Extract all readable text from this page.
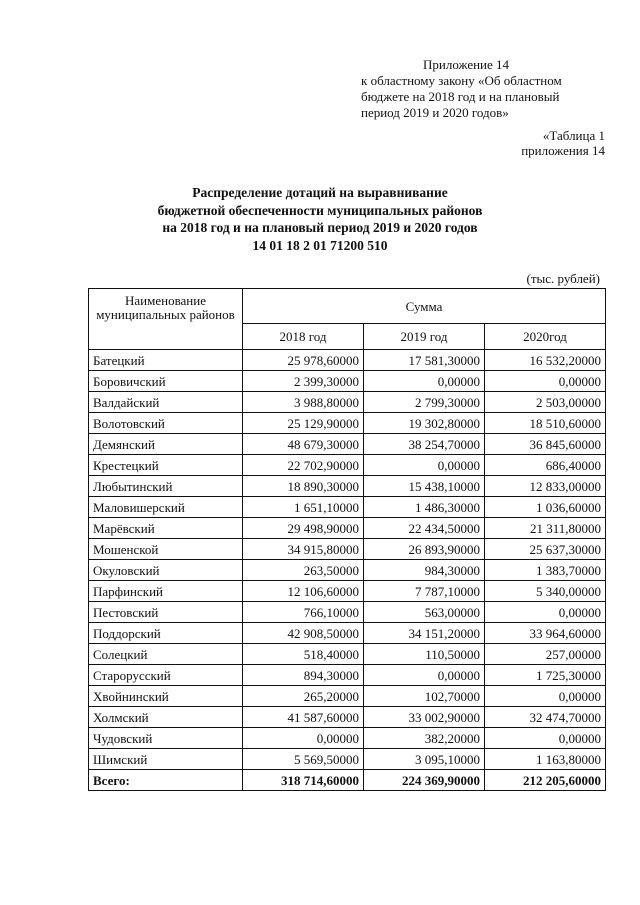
Приложение 14
к областному закону «Об областном
бюджете на 2018 год и на плановый
период 2019 и 2020 годов»
«Таблица 1
приложения 14
Распределение дотаций на выравнивание
бюджетной обеспеченности муниципальных районов
на 2018 год и на плановый период 2019 и 2020 годов
14 01 18 2 01 71200 510
(тыс. рублей)
Наименование муниципальных районов	Сумма		
	2018 год	2019 год	2020год
Батецкий	25 978,60000	17 581,30000	16 532,20000
Боровичский	2 399,30000	0,00000	0,00000
Валдайский	3 988,80000	2 799,30000	2 503,00000
Волотовский	25 129,90000	19 302,80000	18 510,60000
Демянский	48 679,30000	38 254,70000	36 845,60000
Крестецкий	22 702,90000	0,00000	686,40000
Любытинский	18 890,30000	15 438,10000	12 833,00000
Маловишерский	1 651,10000	1 486,30000	1 036,60000
Марёвский	29 498,90000	22 434,50000	21 311,80000
Мошенской	34 915,80000	26 893,90000	25 637,30000
Окуловский	263,50000	984,30000	1 383,70000
Парфинский	12 106,60000	7 787,10000	5 340,00000
Пестовский	766,10000	563,00000	0,00000
Поддорский	42 908,50000	34 151,20000	33 964,60000
Солецкий	518,40000	110,50000	257,00000
Старорусский	894,30000	0,00000	1 725,30000
Хвойнинский	265,20000	102,70000	0,00000
Холмский	41 587,60000	33 002,90000	32 474,70000
Чудовский	0,00000	382,20000	0,00000
Шимский	5 569,50000	3 095,10000	1 163,80000
Всего:	318 714,60000	224 369,90000	212 205,60000
